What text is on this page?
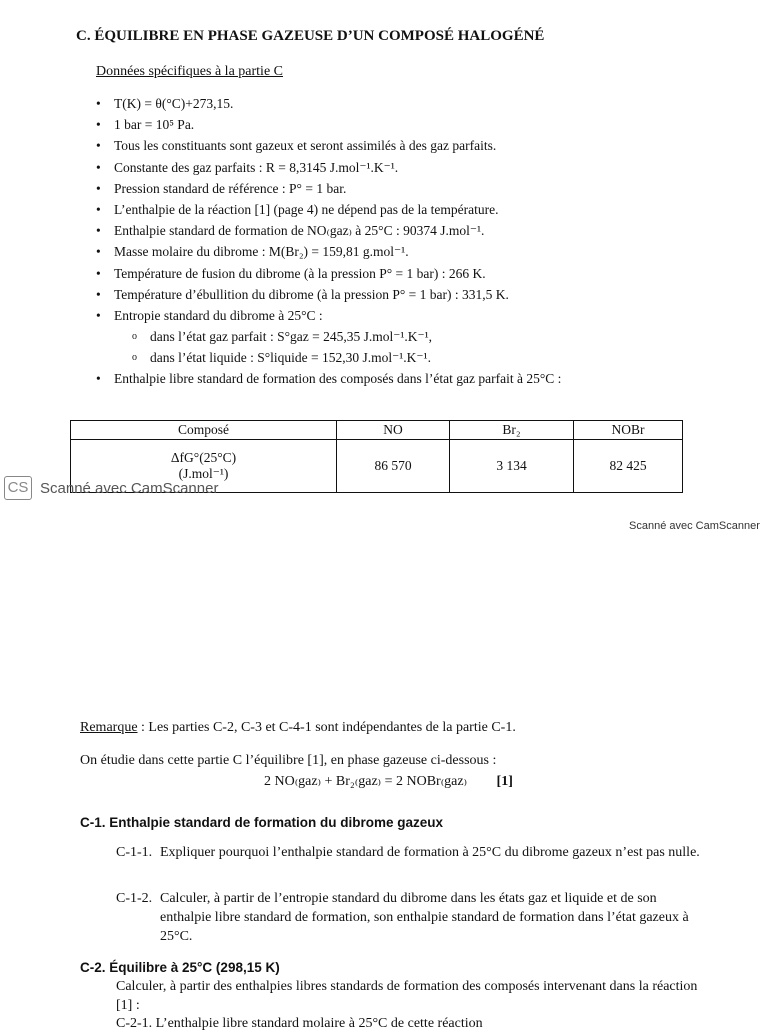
C. ÉQUILIBRE EN PHASE GAZEUSE D’UN COMPOSÉ HALOGÉNÉ
Données spécifiques à la partie C
• T(K) = θ(°C)+273,15.
• 1 bar = 10⁵ Pa.
• Tous les constituants sont gazeux et seront assimilés à des gaz parfaits.
• Constante des gaz parfaits : R = 8,3145 J.mol⁻¹.K⁻¹.
• Pression standard de référence : P° = 1 bar.
• L’enthalpie de la réaction [1] (page 4) ne dépend pas de la température.
• Enthalpie standard de formation de NO₍gaz₎ à 25°C : 90374 J.mol⁻¹.
• Masse molaire du dibrome : M(Br₂) = 159,81 g.mol⁻¹.
• Température de fusion du dibrome (à la pression P° = 1 bar) : 266 K.
• Température d’ébullition du dibrome (à la pression P° = 1 bar) : 331,5 K.
• Entropie standard du dibrome à 25°C :
o dans l’état gaz parfait : S°gaz = 245,35 J.mol⁻¹.K⁻¹,
o dans l’état liquide : S°liquide = 152,30 J.mol⁻¹.K⁻¹.
• Enthalpie libre standard de formation des composés dans l’état gaz parfait à 25°C :
Composé	NO	Br₂	NOBr

ΔfG°(25°C)
(J.mol⁻¹)	86 570	3 134	82 425
CS Scanné avec CamScanner
Scanné avec CamScanner
Remarque : Les parties C-2, C-3 et C-4-1 sont indépendantes de la partie C-1.
On étudie dans cette partie C l’équilibre [1], en phase gazeuse ci-dessous :
2 NO₍gaz₎ + Br₂₍gaz₎ = 2 NOBr₍gaz₎ [1]
C-1. Enthalpie standard de formation du dibrome gazeux
C-1-1. Expliquer pourquoi l’enthalpie standard de formation à 25°C du dibrome gazeux n’est pas nulle.
C-1-2. Calculer, à partir de l’entropie standard du dibrome dans les états gaz et liquide et de son enthalpie libre standard de formation, son enthalpie standard de formation dans l’état gazeux à 25°C.
C-2. Équilibre à 25°C (298,15 K)
Calculer, à partir des enthalpies libres standards de formation des composés intervenant dans la réaction [1] :
C-2-1. L’enthalpie libre standard molaire à 25°C de cette réaction
